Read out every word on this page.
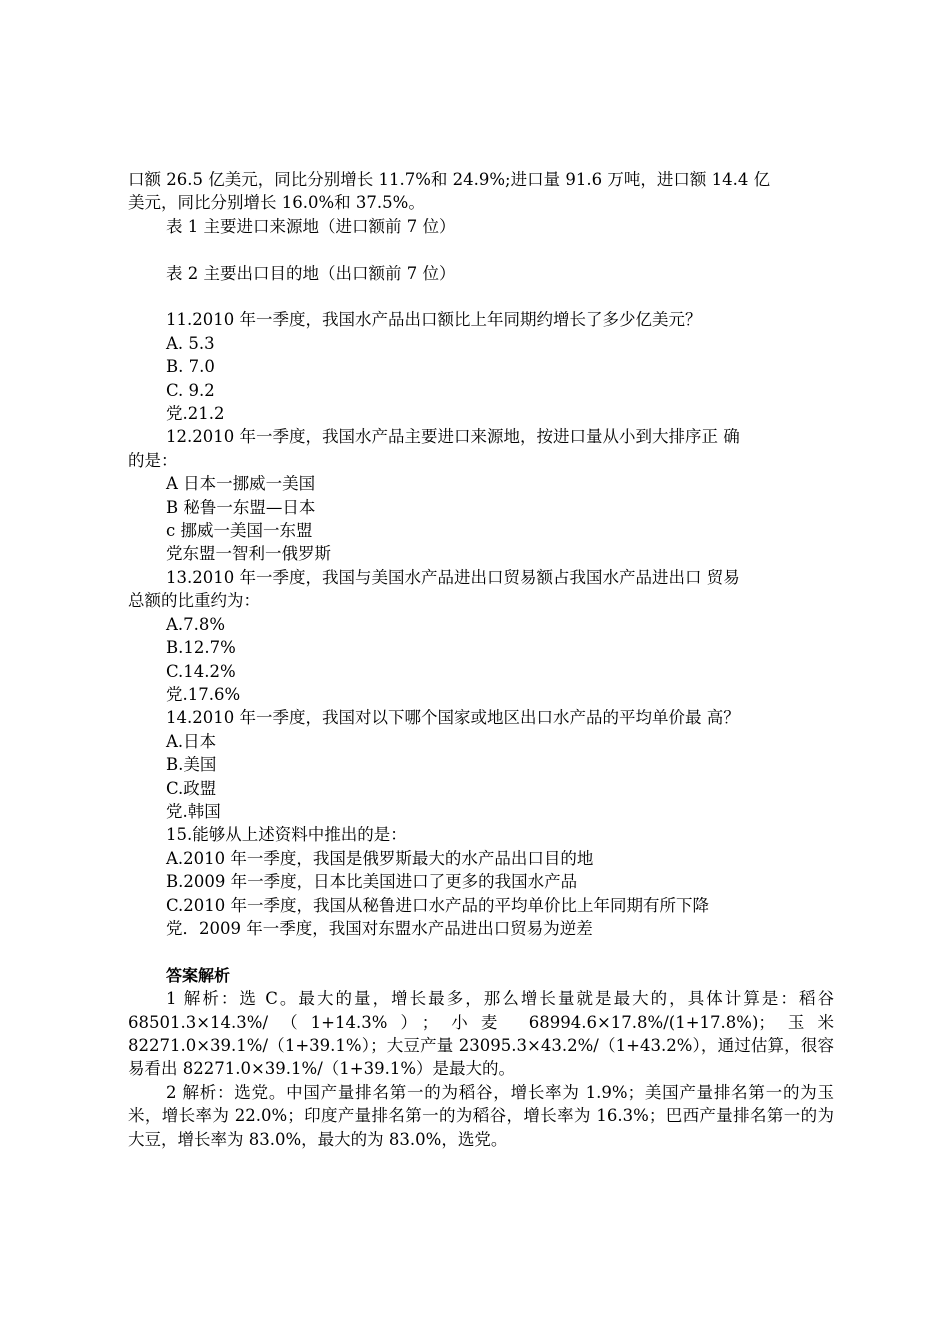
口额 26.5 亿美元，同比分别增长 11.7%和 24.9%;进口量 91.6 万吨，进口额 14.4 亿

美元，同比分别增长 16.0%和 37.5%。

表 1 主要进口来源地（进口额前 7 位）

表 2 主要出口目的地（出口额前 7 位）

11.2010 年一季度，我国水产品出口额比上年同期约增长了多少亿美元？

A. 5.3

B. 7.0

C. 9.2

党.21.2

12.2010 年一季度，我国水产品主要进口来源地，按进口量从小到大排序正 确

的是：

A 日本一挪威一美国

B 秘鲁一东盟—日本

c 挪威一美国一东盟

党东盟一智利一俄罗斯

13.2010 年一季度，我国与美国水产品进出口贸易额占我国水产品进出口 贸易

总额的比重约为：

A.7.8%

B.12.7%

C.14.2%

党.17.6%

14.2010 年一季度，我国对以下哪个国家或地区出口水产品的平均单价最 高？

A.日本

B.美国

C.政盟

党.韩国

15.能够从上述资料中推出的是：

A.2010 年一季度，我国是俄罗斯最大的水产品出口目的地

B.2009 年一季度，日本比美国进口了更多的我国水产品

C.2010 年一季度，我国从秘鲁进口水产品的平均单价比上年同期有所下降

党．2009 年一季度，我国对东盟水产品进出口贸易为逆差

答案解析

1 解析：选 C。最大的量，增长最多，那么增长量就是最大的，具体计算是：稻谷 68501.3×14.3%/（1+14.3%）；小麦 68994.6×17.8%/(1+17.8%)；玉米 82271.0×39.1%/（1+39.1%）；大豆产量 23095.3×43.2%/（1+43.2%），通过估算，很容易看出 82271.0×39.1%/（1+39.1%）是最大的。

2 解析：选党。中国产量排名第一的为稻谷，增长率为 1.9%；美国产量排名第一的为玉米，增长率为 22.0%；印度产量排名第一的为稻谷，增长率为 16.3%；巴西产量排名第一的为大豆，增长率为 83.0%，最大的为 83.0%，选党。
